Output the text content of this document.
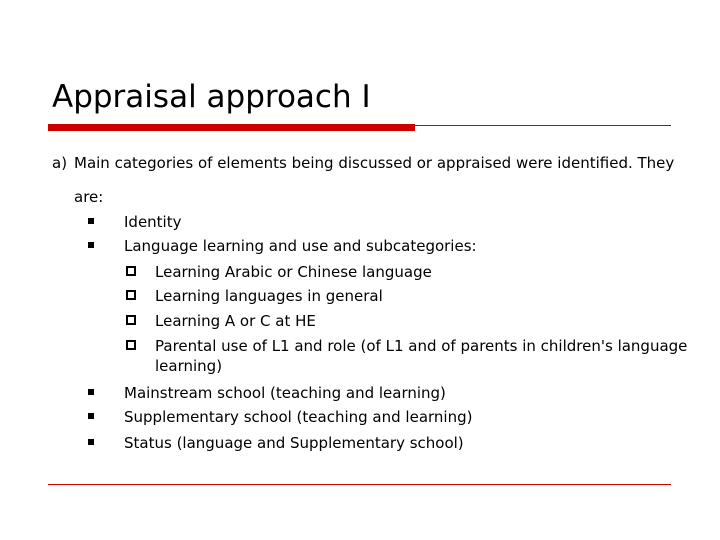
Appraisal approach I
a) Main categories of elements being discussed or appraised were identified. They
are:
Identity
Language learning and use and subcategories:
Learning Arabic or Chinese language
Learning languages in general
Learning A or C at HE
Parental use of L1 and role (of L1 and of parents in children's language
learning)
Mainstream school (teaching and learning)
Supplementary school (teaching and learning)
Status (language and Supplementary school)
